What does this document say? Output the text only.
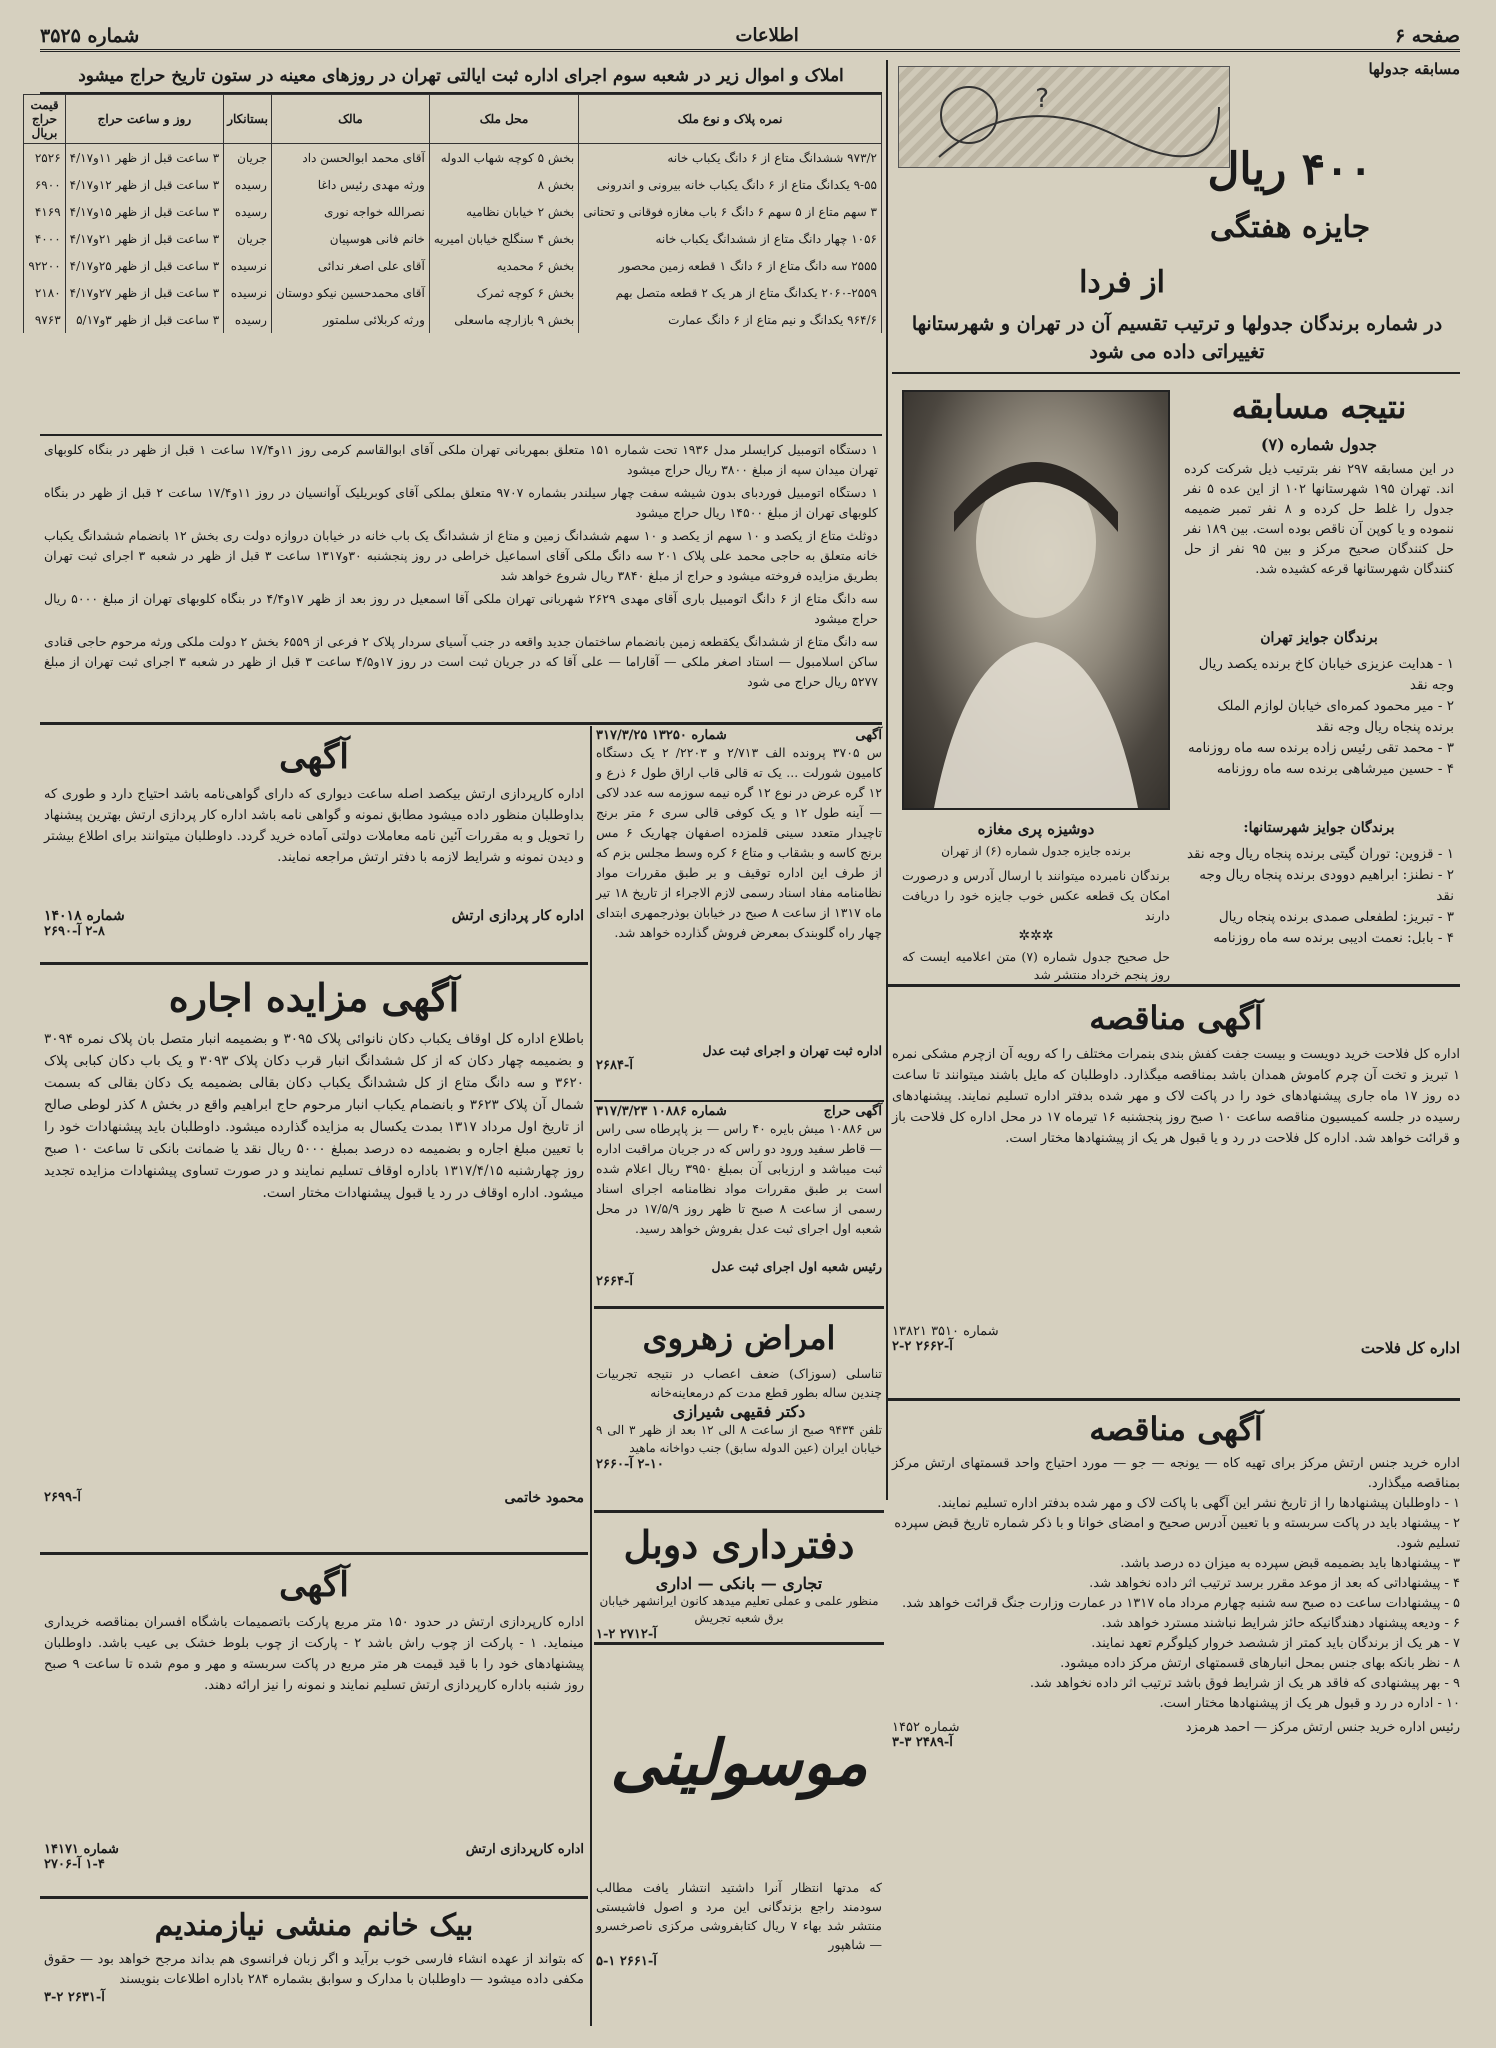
صفحه ۶
اطلاعات
شماره ۳۵۲۵
املاک و اموال زیر در شعبه سوم اجرای اداره ثبت ایالتی تهران در روزهای معینه در ستون تاریخ حراج میشود
نمره پلاک و نوع ملک	محل ملک	مالک	بستانکار	روز و ساعت حراج	قیمت حراج بریال
۹۷۳/۲ ششدانگ متاع از ۶ دانگ یکباب خانه	بخش ۵ کوچه شهاب الدوله	آقای محمد ابوالحسن داد	جریان	۳ ساعت قبل از ظهر ۱۱و۴/۱۷	۲۵۲۶
۹-۵۵ یکدانگ متاع از ۶ دانگ یکباب خانه بیرونی و اندرونی	بخش ۸	ورثه مهدی رئیس داغا	رسیده	۳ ساعت قبل از ظهر ۱۲و۴/۱۷	۶۹۰۰
۳ سهم متاع از ۵ سهم ۶ دانگ ۶ باب مغازه فوقانی و تحتانی	بخش ۲ خیابان نظامیه	نصرالله خواجه نوری	رسیده	۳ ساعت قبل از ظهر ۱۵و۴/۱۷	۴۱۶۹
۱۰۵۶ چهار دانگ متاع از ششدانگ یکباب خانه	بخش ۴ سنگلج خیابان امیریه	خانم فانی هوسپیان	جریان	۳ ساعت قبل از ظهر ۲۱و۴/۱۷	۴۰۰۰
۲۵۵۵ سه دانگ متاع از ۶ دانگ ۱ قطعه زمین محصور	بخش ۶ محمدیه	آقای علی اصغر ندائی	نرسیده	۳ ساعت قبل از ظهر ۲۵و۴/۱۷	۹۲۲۰۰
۲۰۶۰-۲۵۵۹ یکدانگ متاع از هر یک ۲ قطعه متصل بهم	بخش ۶ کوچه ثمرک	آقای محمدحسین نیکو دوستان	نرسیده	۳ ساعت قبل از ظهر ۲۷و۴/۱۷	۲۱۸۰
۹۶۴/۶ یکدانگ و نیم متاع از ۶ دانگ عمارت	بخش ۹ بازارچه ماسعلی	ورثه کربلائی سلمتور	رسیده	۳ ساعت قبل از ظهر ۳و۵/۱۷	۹۷۶۳

۱ دستگاه اتومبیل کرایسلر مدل ۱۹۳۶ تحت شماره ۱۵۱ متعلق بمهربانی تهران ملکی آقای ابوالقاسم کرمی روز ۱۱و۱۷/۴ ساعت ۱ قبل از ظهر در بنگاه کلوبهای تهران میدان سپه از مبلغ ۳۸۰۰ ریال حراج میشود

۱ دستگاه اتومبیل فوردبای بدون شیشه سفت چهار سیلندر بشماره ۹۷۰۷ متعلق بملکی آقای کوبریلیک آوانسیان در روز ۱۱و۱۷/۴ ساعت ۲ قبل از ظهر در بنگاه کلوبهای تهران از مبلغ ۱۴۵۰۰ ریال حراج میشود

دوثلث متاع از یکصد و ۱۰ سهم از یکصد و ۱۰ سهم ششدانگ زمین و متاع از ششدانگ یک باب خانه در خیابان دروازه دولت ری بخش ۱۲ بانضمام ششدانگ یکباب خانه متعلق به حاجی محمد علی پلاک ۲۰۱ سه دانگ ملکی آقای اسماعیل خراطی در روز پنجشنبه ۳۰و۱۳۱۷ ساعت ۳ قبل از ظهر در شعبه ۳ اجرای ثبت تهران بطریق مزایده فروخته میشود و حراج از مبلغ ۳۸۴۰ ریال شروع خواهد شد

سه دانگ متاع از ۶ دانگ اتومبیل باری آقای مهدی ۲۶۲۹ شهربانی تهران ملکی آقا اسمعیل در روز بعد از ظهر ۱۷و۴/۴ در بنگاه کلوبهای تهران از مبلغ ۵۰۰۰ ریال حراج میشود

سه دانگ متاع از ششدانگ یکقطعه زمین بانضمام ساختمان جدید واقعه در جنب آسیای سردار پلاک ۲ فرعی از ۶۵۵۹ بخش ۲ دولت ملکی ورثه مرحوم حاجی قنادی ساکن اسلامبول — استاد اصغر ملکی — آقاراما — علی آقا که در جریان ثبت است در روز ۱۷و۴/۵ ساعت ۳ قبل از ظهر در شعبه ۳ اجرای ثبت تهران از مبلغ ۵۲۷۷ ریال حراج می شود

مسابقه جدولها
?
۴۰۰ ریال
جایزه هفتگی
از فردا
در شماره برندگان جدولها و ترتیب تقسیم آن در تهران و شهرستانها تغییراتی داده می شود
دوشیزه پری مغازه
برنده جایزه جدول شماره (۶) از تهران
برندگان نامبرده میتوانند با ارسال آدرس و درصورت امکان یک قطعه عکس خوب جایزه خود را دریافت دارند
✲✲✲
حل صحیح جدول شماره (۷) متن اعلامیه ایست که روز پنجم خرداد منتشر شد
نتیجه مسابقه
جدول شماره (۷)
در این مسابقه ۲۹۷ نفر بترتیب ذیل شرکت کرده اند. تهران ۱۹۵ شهرستانها ۱۰۲ از این عده ۵ نفر جدول را غلط حل کرده و ۸ نفر تمبر ضمیمه ننموده و یا کوپن آن ناقص بوده است. بین ۱۸۹ نفر حل کنندگان صحیح مرکز و بین ۹۵ نفر از حل کنندگان شهرستانها قرعه کشیده شد.
برندگان جوایز تهران
۱ - هدایت عزیزی خیابان کاخ برنده یکصد ریال وجه نقد
۲ - میر محمود کمره‌ای خیابان لوازم الملک برنده پنجاه ریال وجه نقد
۳ - محمد تقی رئیس زاده برنده سه ماه روزنامه
۴ - حسین میرشاهی برنده سه ماه روزنامه
برندگان جوایز شهرستانها:
۱ - قزوین: توران گیتی برنده پنجاه ریال وجه نقد
۲ - نطنز: ابراهیم دوودی برنده پنجاه ریال وجه نقد
۳ - تبریز: لطفعلی صمدی برنده پنجاه ریال
۴ - بابل: نعمت ادیبی برنده سه ماه روزنامه
آگهی مناقصه
اداره کل فلاحت خرید دویست و بیست جفت کفش بندی بنمرات مختلف را که رویه آن ازچرم مشکی نمره ۱ تبریز و تخت آن چرم کاموش همدان باشد بمناقصه میگذارد. داوطلبان که مایل باشند میتوانند تا ساعت ده روز ۱۷ ماه جاری پیشنهادهای خود را در پاکت لاک و مهر شده بدفتر اداره تسلیم نمایند. پیشنهادهای رسیده در جلسه کمیسیون مناقصه ساعت ۱۰ صبح روز پنجشنبه ۱۶ تیرماه ۱۷ در محل اداره کل فلاحت باز و قرائت خواهد شد. اداره کل فلاحت در رد و یا قبول هر یک از پیشنهادها مختار است.
شماره ۳۵۱۰ ۱۳۸۲۱
اداره کل فلاحت
آ-۲۶۶۲ ۲-۲
آگهی مناقصه
اداره خرید جنس ارتش مرکز برای تهیه کاه — یونجه — جو — مورد احتیاج واحد قسمتهای ارتش مرکز بمناقصه میگذارد.
۱ - داوطلبان پیشنهادها را از تاریخ نشر این آگهی با پاکت لاک و مهر شده بدفتر اداره تسلیم نمایند.
۲ - پیشنهاد باید در پاکت سربسته و با تعیین آدرس صحیح و امضای خوانا و با ذکر شماره تاریخ قبض سپرده تسلیم شود.
۳ - پیشنهادها باید بضمیمه قبض سپرده به میزان ده درصد باشد.
۴ - پیشنهاداتی که بعد از موعد مقرر برسد ترتیب اثر داده نخواهد شد.
۵ - پیشنهادات ساعت ده صبح سه شنبه چهارم مرداد ماه ۱۳۱۷ در عمارت وزارت جنگ قرائت خواهد شد.
۶ - ودیعه پیشنهاد دهندگانیکه حائز شرایط نباشند مسترد خواهد شد.
۷ - هر یک از برندگان باید کمتر از ششصد خروار کیلوگرم تعهد نمایند.
۸ - نظر بانکه بهای جنس بمحل انبارهای قسمتهای ارتش مرکز داده میشود.
۹ - بهر پیشنهادی که فاقد هر یک از شرایط فوق باشد ترتیب اثر داده نخواهد شد.
۱۰ - اداره در رد و قبول هر یک از پیشنهادها مختار است.
رئیس اداره خرید جنس ارتش مرکز — احمد هرمزد
شماره ۱۴۵۲
آ-۲۴۸۹ ۳-۳
آگهی
شماره ۱۳۲۵۰ ۳۱۷/۳/۲۵
س ۳۷۰۵ پرونده الف ۲/۷۱۳ و ۲۲۰۳/ ۲ یک دستگاه کامیون شورلت ... یک ته قالی قاب اراق طول ۶ ذرع و ۱۲ گره عرض در نوع ۱۲ گره نیمه سوزمه سه عدد لاکی — آینه طول ۱۲ و یک کوفی قالی سری ۶ متر برنج تاچیدار متعدد سینی قلمزده اصفهان چهاریک ۶ مس برنج کاسه و بشقاب و متاع ۶ کره وسط مجلس بزم که از طرف این اداره توقیف و بر طبق مقررات مواد نظامنامه مفاد اسناد رسمی لازم الاجراء از تاریخ ۱۸ تیر ماه ۱۳۱۷ از ساعت ۸ صبح در خیابان بوذرجمهری ابتدای چهار راه گلوبندک بمعرض فروش گذارده خواهد شد.
اداره ثبت تهران و اجرای ثبت عدل
آ-۲۶۸۴
آگهی حراج
شماره ۱۰۸۸۶ ۳۱۷/۳/۲۳
س ۱۰۸۸۶ میش بایره ۴۰ راس — بز پاپرطاه سی راس — قاطر سفید ورود دو راس که در جریان مراقبت اداره ثبت میباشد و ارزیابی آن بمبلغ ۳۹۵۰ ریال اعلام شده است بر طبق مقررات مواد نظامنامه اجرای اسناد رسمی از ساعت ۸ صبح تا ظهر روز ۱۷/۵/۹ در محل شعبه اول اجرای ثبت عدل بفروش خواهد رسید.
رئیس شعبه اول اجرای ثبت عدل
آ-۲۶۶۴
امراض زهروی
تناسلی (سوزاک) ضعف اعصاب در نتیجه تجربیات چندین ساله بطور قطع مدت کم درمعاینه‌خانه
دکتر فقیهی شیرازی
تلفن ۹۴۳۴ صبح از ساعت ۸ الی ۱۲ بعد از ظهر ۳ الی ۹ خیابان ایران (عین الدوله سابق) جنب دواخانه ماهید
۲-۱۰ آ-۲۶۶۰
دفترداری دوبل
تجاری — بانکی — اداری
منظور علمی و عملی تعلیم میدهد کانون ایرانشهر خیابان برق شعبه تجریش
آ-۲۷۱۲ ۲-۱
موسولینی
که مدتها انتظار آنرا داشتید انتشار یافت مطالب سودمند راجع بزندگانی این مرد و اصول فاشیستی منتشر شد بهاء ۷ ریال کتابفروشی مرکزی ناصرخسرو — شاهپور
آ-۲۶۶۱ ۱-۵
آگهی
اداره کارپردازی ارتش بیکصد اصله ساعت دیواری که دارای گواهی‌نامه باشد احتیاج دارد و طوری که بداوطلبان منظور داده میشود مطابق نمونه و گواهی نامه باشد اداره کار پردازی ارتش بهترین پیشنهاد را تحویل و به مقررات آئین نامه معاملات دولتی آماده خرید گردد. داوطلبان میتوانند برای اطلاع بیشتر و دیدن نمونه و شرایط لازمه با دفتر ارتش مراجعه نمایند.
اداره کار پردازی ارتش
شماره ۱۴۰۱۸
۲-۸ آ-۲۶۹۰
آگهی مزایده اجاره
باطلاع اداره کل اوقاف یکباب دکان نانوائی پلاک ۳۰۹۵ و بضمیمه انبار متصل بان پلاک نمره ۳۰۹۴ و بضمیمه چهار دکان که از کل ششدانگ انبار قرب دکان پلاک ۳۰۹۳ و یک باب دکان کبابی پلاک ۳۶۲۰ و سه دانگ متاع از کل ششدانگ یکباب دکان بقالی بضمیمه یک دکان بقالی که بسمت شمال آن پلاک ۳۶۲۳ و بانضمام یکباب انبار مرحوم حاج ابراهیم واقع در بخش ۸ کذر لوطی صالح از تاریخ اول مرداد ۱۳۱۷ بمدت یکسال به مزایده گذارده میشود. داوطلبان باید پیشنهادات خود را با تعیین مبلغ اجاره و بضمیمه ده درصد بمبلغ ۵۰۰۰ ریال نقد یا ضمانت بانکی تا ساعت ۱۰ صبح روز چهارشنبه ۱۳۱۷/۴/۱۵ باداره اوقاف تسلیم نمایند و در صورت تساوی پیشنهادات مزایده تجدید میشود. اداره اوقاف در رد یا قبول پیشنهادات مختار است.
محمود خاتمی
آ-۲۶۹۹
آگهی
اداره کارپردازی ارتش در حدود ۱۵۰ متر مربع پارکت باتصمیمات باشگاه افسران بمناقصه خریداری مینماید. ۱ - پارکت از چوب راش باشد ۲ - پارکت از چوب بلوط خشک بی عیب باشد. داوطلبان پیشنهادهای خود را با قید قیمت هر متر مربع در پاکت سربسته و مهر و موم شده تا ساعت ۹ صبح روز شنبه باداره کارپردازی ارتش تسلیم نمایند و نمونه را نیز ارائه دهند.
اداره کارپردازی ارتش
شماره ۱۴۱۷۱
۱-۴ آ-۲۷۰۶
بیک خانم منشی نیازمندیم
که بتواند از عهده انشاء فارسی خوب برآید و اگر زبان فرانسوی هم بداند مرجح خواهد بود — حقوق مکفی داده میشود — داوطلبان با مدارک و سوابق بشماره ۲۸۴ باداره اطلاعات بنویسند
آ-۲۶۳۱ ۲-۳
